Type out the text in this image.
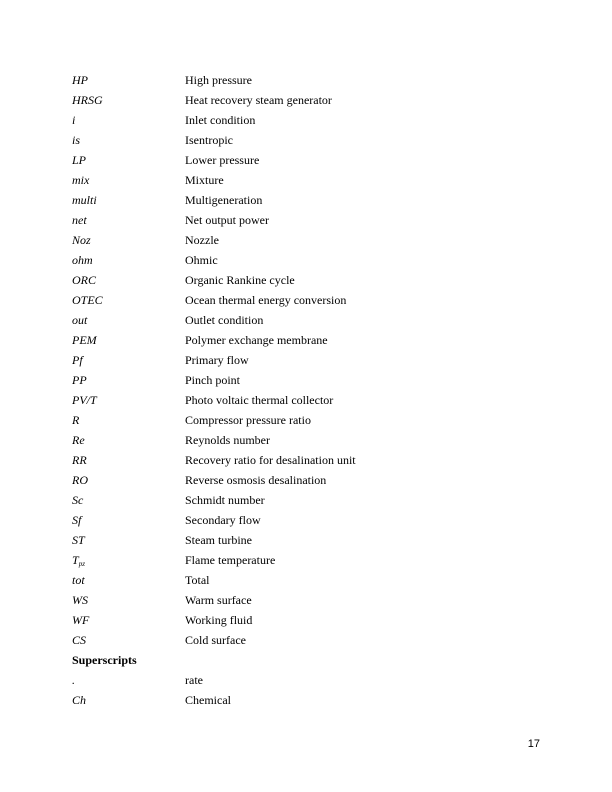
HP	High pressure
HRSG	Heat recovery steam generator
i	Inlet condition
is	Isentropic
LP	Lower pressure
mix	Mixture
multi	Multigeneration
net	Net output power
Noz	Nozzle
ohm	Ohmic
ORC	Organic Rankine cycle
OTEC	Ocean thermal energy conversion
out	Outlet condition
PEM	Polymer exchange membrane
Pf	Primary flow
PP	Pinch point
PV/T	Photo voltaic thermal collector
R	Compressor pressure ratio
Re	Reynolds number
RR	Recovery ratio for desalination unit
RO	Reverse osmosis desalination
Sc	Schmidt number
Sf	Secondary flow
ST	Steam turbine
$T_{pz}$	Flame temperature
tot	Total
WS	Warm surface
WF	Working fluid
CS	Cold surface
Superscripts
.	rate
Ch	Chemical
17
